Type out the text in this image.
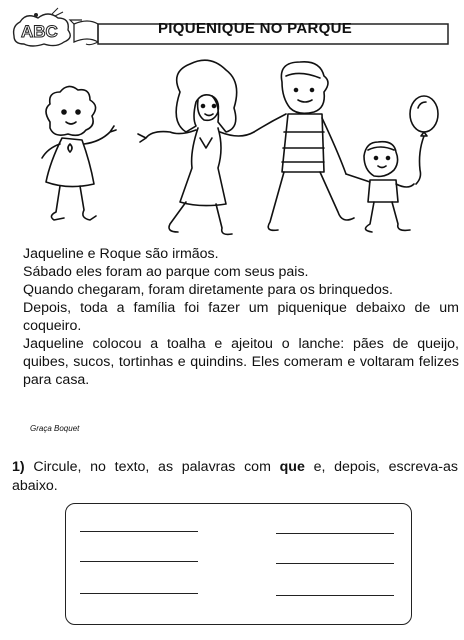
ABC	PIQUENIQUE NO PARQUE

Jaqueline e Roque são irmãos.

Sábado eles foram ao parque com seus pais.

Quando chegaram, foram diretamente para os brinquedos.

Depois, toda a família foi fazer um piquenique debaixo de um coqueiro.

Jaqueline colocou a toalha e ajeitou o lanche: pães de queijo, quibes, sucos, tortinhas e quindins. Eles comeram e voltaram felizes para casa.

Graça Boquet
1) Circule, no texto, as palavras com que e, depois, escreva-as abaixo.
